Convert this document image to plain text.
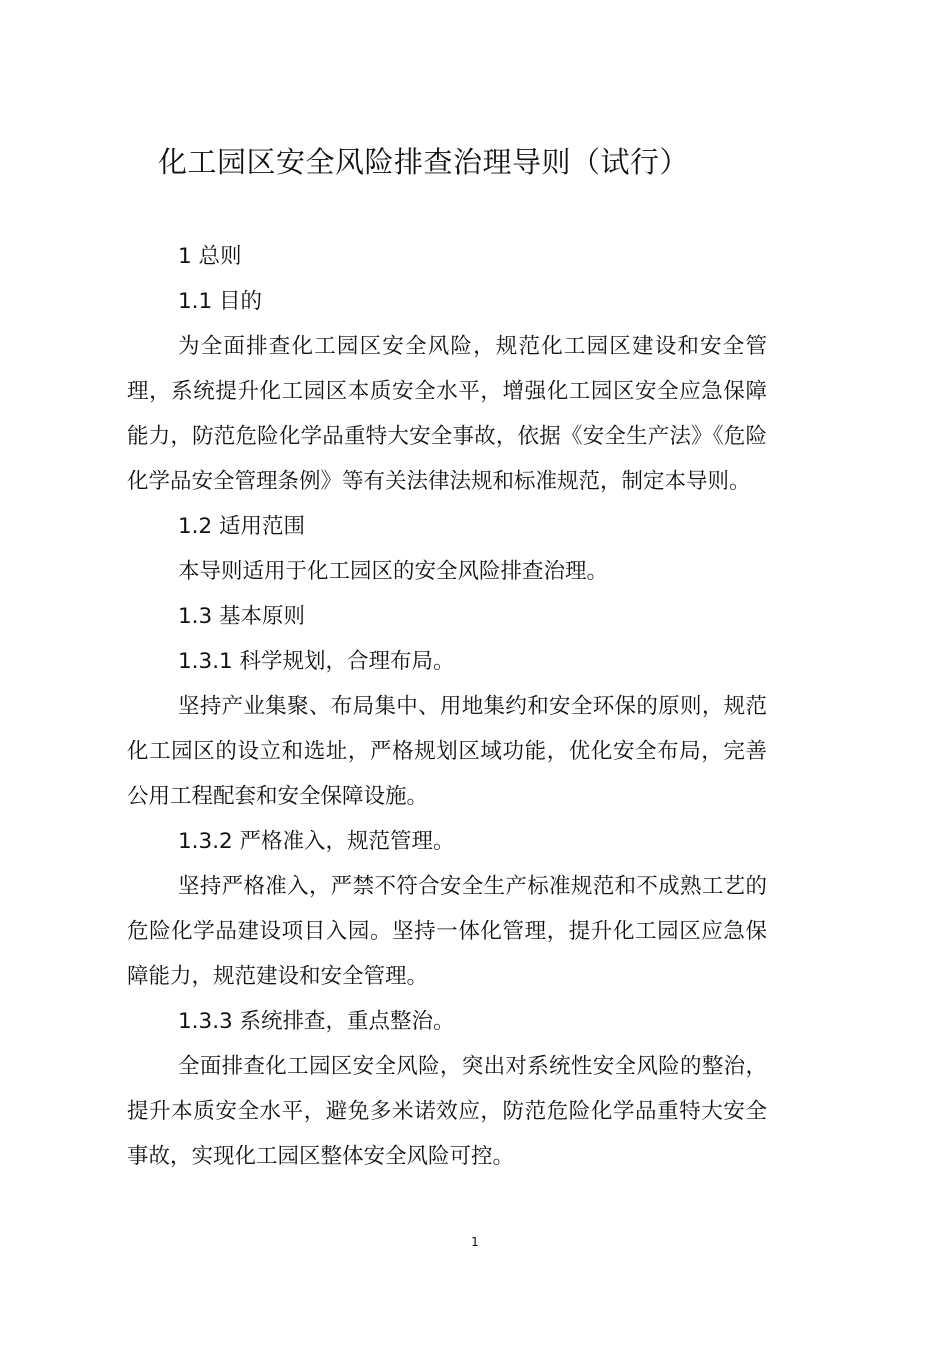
化工园区安全风险排查治理导则（试行）
1 总则
1.1 目的
为全面排查化工园区安全风险，规范化工园区建设和安全管理，系统提升化工园区本质安全水平，增强化工园区安全应急保障能力，防范危险化学品重特大安全事故，依据《安全生产法》《危险化学品安全管理条例》等有关法律法规和标准规范，制定本导则。
1.2 适用范围
本导则适用于化工园区的安全风险排查治理。
1.3 基本原则
1.3.1 科学规划，合理布局。
坚持产业集聚、布局集中、用地集约和安全环保的原则，规范化工园区的设立和选址，严格规划区域功能，优化安全布局，完善公用工程配套和安全保障设施。
1.3.2 严格准入，规范管理。
坚持严格准入，严禁不符合安全生产标准规范和不成熟工艺的危险化学品建设项目入园。坚持一体化管理，提升化工园区应急保障能力，规范建设和安全管理。
1.3.3 系统排查，重点整治。
全面排查化工园区安全风险，突出对系统性安全风险的整治，提升本质安全水平，避免多米诺效应，防范危险化学品重特大安全事故，实现化工园区整体安全风险可控。
1
